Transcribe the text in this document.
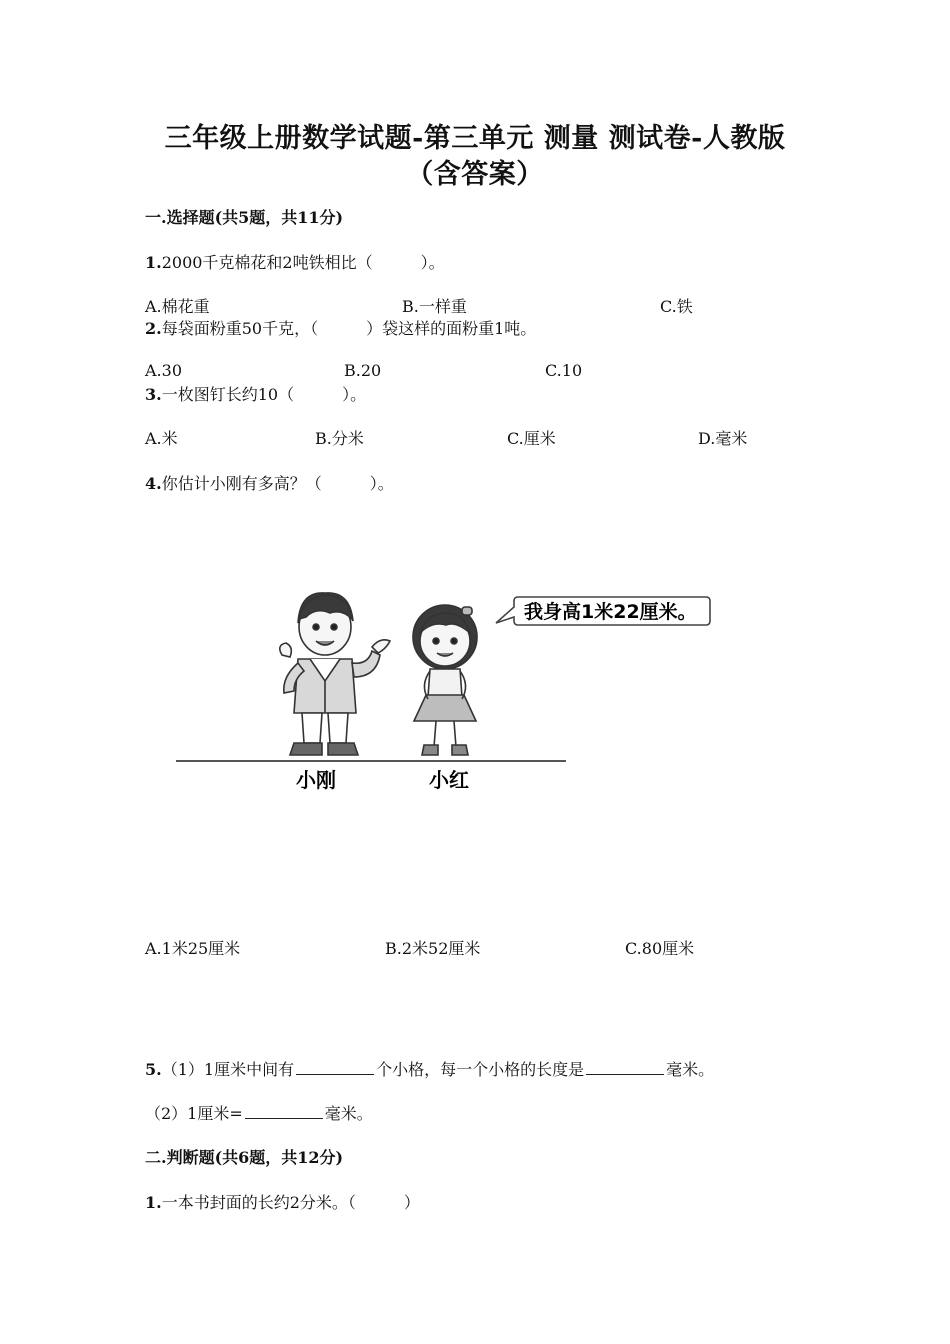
三年级上册数学试题-第三单元 测量 测试卷-人教版
（含答案）
一.选择题(共5题，共11分)
1.2000千克棉花和2吨铁相比（　　　）。
A.棉花重	B.一样重	C.铁
2.每袋面粉重50千克，（　　　）袋这样的面粉重1吨。
A.30	B.20	C.10
3.一枚图钉长约10（　　　）。
A.米	B.分米	C.厘米	D.毫米
4.你估计小刚有多高？（　　　）。
我身高1米22厘米。
小刚	小红
A.1米25厘米	B.2米52厘米	C.80厘米
5.（1）1厘米中间有	个小格，每一个小格的长度是	毫米。
（2）1厘米=	毫米。
二.判断题(共6题，共12分)
1.一本书封面的长约2分米。（　　　）
